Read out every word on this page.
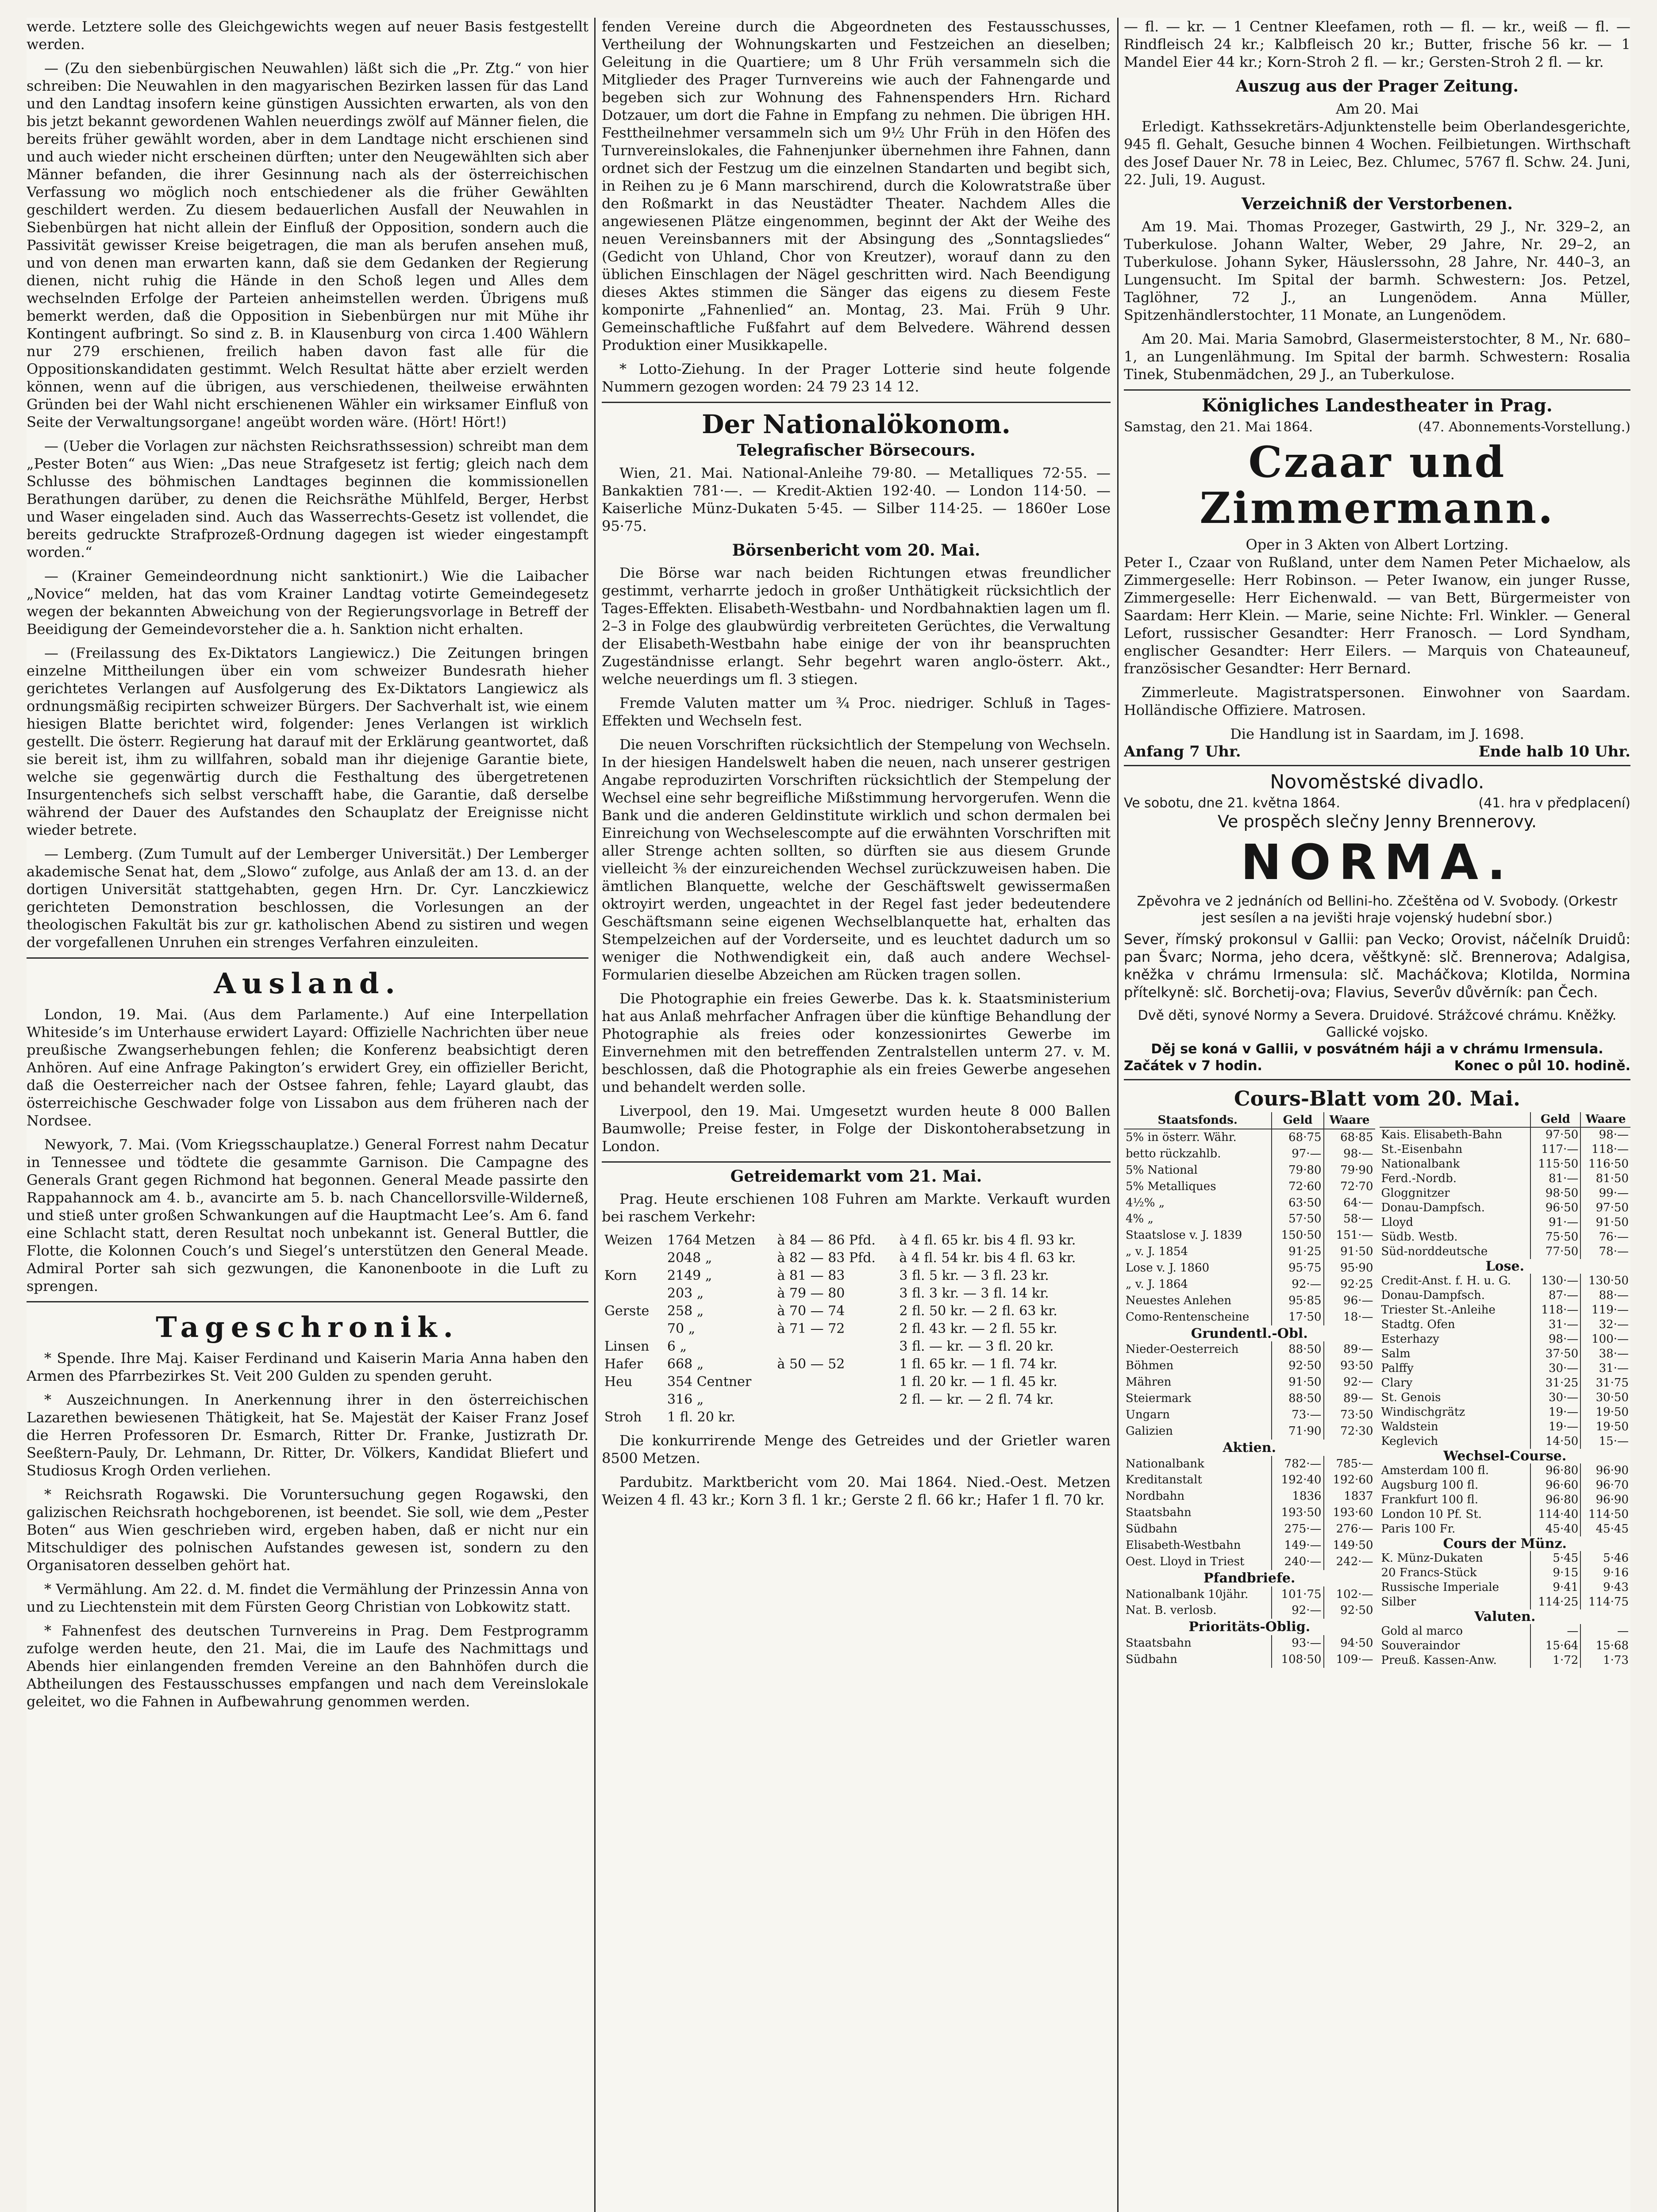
werde. Letztere solle des Gleichgewichts wegen auf neuer Basis festgestellt werden.

— (Zu den siebenbürgischen Neuwahlen) läßt sich die „Pr. Ztg.“ von hier schreiben: Die Neuwahlen in den magyarischen Bezirken lassen für das Land und den Landtag insofern keine günstigen Aussichten erwarten, als von den bis jetzt bekannt gewordenen Wahlen neuerdings zwölf auf Männer fielen, die bereits früher gewählt worden, aber in dem Landtage nicht erschienen sind und auch wieder nicht erscheinen dürften; unter den Neugewählten sich aber Männer befanden, die ihrer Gesinnung nach als der österreichischen Verfassung wo möglich noch entschiedener als die früher Gewählten geschildert werden. Zu diesem bedauerlichen Ausfall der Neuwahlen in Siebenbürgen hat nicht allein der Einfluß der Opposition, sondern auch die Passivität gewisser Kreise beigetragen, die man als berufen ansehen muß, und von denen man erwarten kann, daß sie dem Gedanken der Regierung dienen, nicht ruhig die Hände in den Schoß legen und Alles dem wechselnden Erfolge der Parteien anheimstellen werden. Übrigens muß bemerkt werden, daß die Opposition in Siebenbürgen nur mit Mühe ihr Kontingent aufbringt. So sind z. B. in Klausenburg von circa 1.400 Wählern nur 279 erschienen, freilich haben davon fast alle für die Oppositionskandidaten gestimmt. Welch Resultat hätte aber erzielt werden können, wenn auf die übrigen, aus verschiedenen, theilweise erwähnten Gründen bei der Wahl nicht erschienenen Wähler ein wirksamer Einfluß von Seite der Verwaltungsorgane! angeübt worden wäre. (Hört! Hört!)

— (Ueber die Vorlagen zur nächsten Reichsrathssession) schreibt man dem „Pester Boten“ aus Wien: „Das neue Strafgesetz ist fertig; gleich nach dem Schlusse des böhmischen Landtages beginnen die kommissionellen Berathungen darüber, zu denen die Reichsräthe Mühlfeld, Berger, Herbst und Waser eingeladen sind. Auch das Wasserrechts-Gesetz ist vollendet, die bereits gedruckte Strafprozeß-Ordnung dagegen ist wieder eingestampft worden.“

— (Krainer Gemeindeordnung nicht sanktionirt.) Wie die Laibacher „Novice“ melden, hat das vom Krainer Landtag votirte Gemeindegesetz wegen der bekannten Abweichung von der Regierungsvorlage in Betreff der Beeidigung der Gemeindevorsteher die a. h. Sanktion nicht erhalten.

— (Freilassung des Ex-Diktators Langiewicz.) Die Zeitungen bringen einzelne Mittheilungen über ein vom schweizer Bundesrath hieher gerichtetes Verlangen auf Ausfolgerung des Ex-Diktators Langiewicz als ordnungsmäßig recipirten schweizer Bürgers. Der Sachverhalt ist, wie einem hiesigen Blatte berichtet wird, folgender: Jenes Verlangen ist wirklich gestellt. Die österr. Regierung hat darauf mit der Erklärung geantwortet, daß sie bereit ist, ihm zu willfahren, sobald man ihr diejenige Garantie biete, welche sie gegenwärtig durch die Festhaltung des übergetretenen Insurgentenchefs sich selbst verschafft habe, die Garantie, daß derselbe während der Dauer des Aufstandes den Schauplatz der Ereignisse nicht wieder betrete.

— Lemberg. (Zum Tumult auf der Lemberger Universität.) Der Lemberger akademische Senat hat, dem „Slowo“ zufolge, aus Anlaß der am 13. d. an der dortigen Universität stattgehabten, gegen Hrn. Dr. Cyr. Lanczkiewicz gerichteten Demonstration beschlossen, die Vorlesungen an der theologischen Fakultät bis zur gr. katholischen Abend zu sistiren und wegen der vorgefallenen Unruhen ein strenges Verfahren einzuleiten.

Ausland.

London, 19. Mai. (Aus dem Parlamente.) Auf eine Interpellation Whiteside’s im Unterhause erwidert Layard: Offizielle Nachrichten über neue preußische Zwangserhebungen fehlen; die Konferenz beabsichtigt deren Anhören. Auf eine Anfrage Pakington’s erwidert Grey, ein offizieller Bericht, daß die Oesterreicher nach der Ostsee fahren, fehle; Layard glaubt, das österreichische Geschwader folge von Lissabon aus dem früheren nach der Nordsee.

Newyork, 7. Mai. (Vom Kriegsschauplatze.) General Forrest nahm Decatur in Tennessee und tödtete die gesammte Garnison. Die Campagne des Generals Grant gegen Richmond hat begonnen. General Meade passirte den Rappahannock am 4. b., avancirte am 5. b. nach Chancellorsville-Wilderneß, und stieß unter großen Schwankungen auf die Hauptmacht Lee’s. Am 6. fand eine Schlacht statt, deren Resultat noch unbekannt ist. General Buttler, die Flotte, die Kolonnen Couch’s und Siegel’s unterstützen den General Meade. Admiral Porter sah sich gezwungen, die Kanonenboote in die Luft zu sprengen.

Tageschronik.

* Spende. Ihre Maj. Kaiser Ferdinand und Kaiserin Maria Anna haben den Armen des Pfarrbezirkes St. Veit 200 Gulden zu spenden geruht.

* Auszeichnungen. In Anerkennung ihrer in den österreichischen Lazarethen bewiesenen Thätigkeit, hat Se. Majestät der Kaiser Franz Josef die Herren Professoren Dr. Esmarch, Ritter Dr. Franke, Justizrath Dr. Seeßtern-Pauly, Dr. Lehmann, Dr. Ritter, Dr. Völkers, Kandidat Bliefert und Studiosus Krogh Orden verliehen.

* Reichsrath Rogawski. Die Voruntersuchung gegen Rogawski, den galizischen Reichsrath hochgeborenen, ist beendet. Sie soll, wie dem „Pester Boten“ aus Wien geschrieben wird, ergeben haben, daß er nicht nur ein Mitschuldiger des polnischen Aufstandes gewesen ist, sondern zu den Organisatoren desselben gehört hat.

* Vermählung. Am 22. d. M. findet die Vermählung der Prinzessin Anna von und zu Liechtenstein mit dem Fürsten Georg Christian von Lobkowitz statt.

* Fahnenfest des deutschen Turnvereins in Prag. Dem Festprogramm zufolge werden heute, den 21. Mai, die im Laufe des Nachmittags und Abends hier einlangenden fremden Vereine an den Bahnhöfen durch die Abtheilungen des Festausschusses empfangen und nach dem Vereinslokale geleitet, wo die Fahnen in Aufbewahrung genommen werden.

fenden Vereine durch die Abgeordneten des Festausschusses, Vertheilung der Wohnungskarten und Festzeichen an dieselben; Geleitung in die Quartiere; um 8 Uhr Früh versammeln sich die Mitglieder des Prager Turnvereins wie auch der Fahnengarde und begeben sich zur Wohnung des Fahnenspenders Hrn. Richard Dotzauer, um dort die Fahne in Empfang zu nehmen. Die übrigen HH. Festtheilnehmer versammeln sich um 9½ Uhr Früh in den Höfen des Turnvereinslokales, die Fahnenjunker übernehmen ihre Fahnen, dann ordnet sich der Festzug um die einzelnen Standarten und begibt sich, in Reihen zu je 6 Mann marschirend, durch die Kolowratstraße über den Roßmarkt in das Neustädter Theater. Nachdem Alles die angewiesenen Plätze eingenommen, beginnt der Akt der Weihe des neuen Vereinsbanners mit der Absingung des „Sonntagsliedes“ (Gedicht von Uhland, Chor von Kreutzer), worauf dann zu den üblichen Einschlagen der Nägel geschritten wird. Nach Beendigung dieses Aktes stimmen die Sänger das eigens zu diesem Feste komponirte „Fahnenlied“ an. Montag, 23. Mai. Früh 9 Uhr. Gemeinschaftliche Fußfahrt auf dem Belvedere. Während dessen Produktion einer Musikkapelle.

* Lotto-Ziehung. In der Prager Lotterie sind heute folgende Nummern gezogen worden: 24 79 23 14 12.

Der Nationalökonom.
Telegrafischer Börsecours.

Wien, 21. Mai. National-Anleihe 79·80. — Metalliques 72·55. — Bankaktien 781·—. — Kredit-Aktien 192·40. — London 114·50. — Kaiserliche Münz-Dukaten 5·45. — Silber 114·25. — 1860er Lose 95·75.

Börsenbericht vom 20. Mai.

Die Börse war nach beiden Richtungen etwas freundlicher gestimmt, verharrte jedoch in großer Unthätigkeit rücksichtlich der Tages-Effekten. Elisabeth-Westbahn- und Nordbahnaktien lagen um fl. 2–3 in Folge des glaubwürdig verbreiteten Gerüchtes, die Verwaltung der Elisabeth-Westbahn habe einige der von ihr beanspruchten Zugeständnisse erlangt. Sehr begehrt waren anglo-österr. Akt., welche neuerdings um fl. 3 stiegen.

Fremde Valuten matter um ¾ Proc. niedriger. Schluß in Tages-Effekten und Wechseln fest.

Die neuen Vorschriften rücksichtlich der Stempelung von Wechseln. In der hiesigen Handelswelt haben die neuen, nach unserer gestrigen Angabe reproduzirten Vorschriften rücksichtlich der Stempelung der Wechsel eine sehr begreifliche Mißstimmung hervorgerufen. Wenn die Bank und die anderen Geldinstitute wirklich und schon dermalen bei Einreichung von Wechselescompte auf die erwähnten Vorschriften mit aller Strenge achten sollten, so dürften sie aus diesem Grunde vielleicht ⅜ der einzureichenden Wechsel zurückzuweisen haben. Die ämtlichen Blanquette, welche der Geschäftswelt gewissermaßen oktroyirt werden, ungeachtet in der Regel fast jeder bedeutendere Geschäftsmann seine eigenen Wechselblanquette hat, erhalten das Stempelzeichen auf der Vorderseite, und es leuchtet dadurch um so weniger die Nothwendigkeit ein, daß auch andere Wechsel-Formularien dieselbe Abzeichen am Rücken tragen sollen.

Die Photographie ein freies Gewerbe. Das k. k. Staatsministerium hat aus Anlaß mehrfacher Anfragen über die künftige Behandlung der Photographie als freies oder konzessionirtes Gewerbe im Einvernehmen mit den betreffenden Zentralstellen unterm 27. v. M. beschlossen, daß die Photographie als ein freies Gewerbe angesehen und behandelt werden solle.

Liverpool, den 19. Mai. Umgesetzt wurden heute 8 000 Ballen Baumwolle; Preise fester, in Folge der Diskontoherabsetzung in London.

Getreidemarkt vom 21. Mai.

Prag. Heute erschienen 108 Fuhren am Markte. Verkauft wurden bei raschem Verkehr:

Weizen	1764 Metzen	à 84 — 86 Pfd.	à 4 fl. 65 kr. bis 4 fl. 93 kr.
	2048 „	à 82 — 83 Pfd.	à 4 fl. 54 kr. bis 4 fl. 63 kr.
Korn	2149 „	à 81 — 83	3 fl. 5 kr. — 3 fl. 23 kr.
	203 „	à 79 — 80	3 fl. 3 kr. — 3 fl. 14 kr.
Gerste	258 „	à 70 — 74	2 fl. 50 kr. — 2 fl. 63 kr.
	70 „	à 71 — 72	2 fl. 43 kr. — 2 fl. 55 kr.
Linsen	6 „		3 fl. — kr. — 3 fl. 20 kr.
Hafer	668 „	à 50 — 52	1 fl. 65 kr. — 1 fl. 74 kr.
Heu	354 Centner		1 fl. 20 kr. — 1 fl. 45 kr.
	316 „		2 fl. — kr. — 2 fl. 74 kr.
Stroh	1 fl. 20 kr.		

Die konkurrirende Menge des Getreides und der Grietler waren 8500 Metzen.

Pardubitz. Marktbericht vom 20. Mai 1864. Nied.-Oest. Metzen Weizen 4 fl. 43 kr.; Korn 3 fl. 1 kr.; Gerste 2 fl. 66 kr.; Hafer 1 fl. 70 kr.

— fl. — kr. — 1 Centner Kleefamen, roth — fl. — kr., weiß — fl. — Rindfleisch 24 kr.; Kalbfleisch 20 kr.; Butter, frische 56 kr. — 1 Mandel Eier 44 kr.; Korn-Stroh 2 fl. — kr.; Gersten-Stroh 2 fl. — kr.

Auszug aus der Prager Zeitung.
Am 20. Mai

Erledigt. Kathssekretärs-Adjunktenstelle beim Oberlandesgerichte, 945 fl. Gehalt, Gesuche binnen 4 Wochen. Feilbietungen. Wirthschaft des Josef Dauer Nr. 78 in Leiec, Bez. Chlumec, 5767 fl. Schw. 24. Juni, 22. Juli, 19. August.

Verzeichniß der Verstorbenen.

Am 19. Mai. Thomas Prozeger, Gastwirth, 29 J., Nr. 329–2, an Tuberkulose. Johann Walter, Weber, 29 Jahre, Nr. 29–2, an Tuberkulose. Johann Syker, Häuslerssohn, 28 Jahre, Nr. 440–3, an Lungensucht. Im Spital der barmh. Schwestern: Jos. Petzel, Taglöhner, 72 J., an Lungenödem. Anna Müller, Spitzenhändlerstochter, 11 Monate, an Lungenödem.

Am 20. Mai. Maria Samobrd, Glasermeisterstochter, 8 M., Nr. 680–1, an Lungenlähmung. Im Spital der barmh. Schwestern: Rosalia Tinek, Stubenmädchen, 29 J., an Tuberkulose.

Königliches Landestheater in Prag.
Samstag, den 21. Mai 1864.	(47. Abonnements-Vorstellung.)
Czaar und Zimmermann.
Oper in 3 Akten von Albert Lortzing.

Peter I., Czaar von Rußland, unter dem Namen Peter Michaelow, als Zimmergeselle: Herr Robinson. — Peter Iwanow, ein junger Russe, Zimmergeselle: Herr Eichenwald. — van Bett, Bürgermeister von Saardam: Herr Klein. — Marie, seine Nichte: Frl. Winkler. — General Lefort, russischer Gesandter: Herr Franosch. — Lord Syndham, englischer Gesandter: Herr Eilers. — Marquis von Chateauneuf, französischer Gesandter: Herr Bernard.

Zimmerleute. Magistratspersonen. Einwohner von Saardam. Holländische Offiziere. Matrosen.

Die Handlung ist in Saardam, im J. 1698.
Anfang 7 Uhr.	Ende halb 10 Uhr.
Novoměstské divadlo.
Ve sobotu, dne 21. května 1864.	(41. hra v předplacení)
Ve prospěch slečny Jenny Brennerovy.
NORMA.
Zpěvohra ve 2 jednáních od Bellini-ho. Zčeštěna od V. Svobody. (Orkestr jest sesílen a na jevišti hraje vojenský hudební sbor.)

Sever, římský prokonsul v Gallii: pan Vecko; Orovist, náčelník Druidů: pan Švarc; Norma, jeho dcera, věštkyně: slč. Brennerova; Adalgisa, kněžka v chrámu Irmensula: slč. Macháčkova; Klotilda, Normina přítelkyně: slč. Borchetij-ova; Flavius, Severův důvěrník: pan Čech.

Dvě děti, synové Normy a Severa. Druidové. Strážcové chrámu. Kněžky. Gallické vojsko.
Děj se koná v Gallii, v posvátném háji a v chrámu Irmensula.
Začátek v 7 hodin.	Konec o půl 10. hodině.
Cours-Blatt vom 20. Mai.
Staatsfonds.	Geld	Waare
5% in österr. Währ.	68·75	68·85
betto rückzahlb.	97·—	98·—
5% National	79·80	79·90
5% Metalliques	72·60	72·70
4½% „	63·50	64·—
4% „	57·50	58·—
Staatslose v. J. 1839	150·50	151·—
„ v. J. 1854	91·25	91·50
Lose v. J. 1860	95·75	95·90
„ v. J. 1864	92·—	92·25
Neuestes Anlehen	95·85	96·—
Como-Rentenscheine	17·50	18·—
Grundentl.-Obl.		
Nieder-Oesterreich	88·50	89·—
Böhmen	92·50	93·50
Mähren	91·50	92·—
Steiermark	88·50	89·—
Ungarn	73·—	73·50
Galizien	71·90	72·30
Aktien.		
Nationalbank	782·—	785·—
Kreditanstalt	192·40	192·60
Nordbahn	1836	1837
Staatsbahn	193·50	193·60
Südbahn	275·—	276·—
Elisabeth-Westbahn	149·—	149·50
Oest. Lloyd in Triest	240·—	242·—
Pfandbriefe.		
Nationalbank 10jähr.	101·75	102·—
Nat. B. verlosb.	92·—	92·50
Prioritäts-Oblig.		
Staatsbahn	93·—	94·50
Südbahn	108·50	109·—
	Geld	Waare
Kais. Elisabeth-Bahn	97·50	98·—
St.-Eisenbahn	117·—	118·—
Nationalbank	115·50	116·50
Ferd.-Nordb.	81·—	81·50
Gloggnitzer	98·50	99·—
Donau-Dampfsch.	96·50	97·50
Lloyd	91·—	91·50
Südb. Westb.	75·50	76·—
Süd-norddeutsche	77·50	78·—
Lose.		
Credit-Anst. f. H. u. G.	130·—	130·50
Donau-Dampfsch.	87·—	88·—
Triester St.-Anleihe	118·—	119·—
Stadtg. Ofen	31·—	32·—
Esterhazy	98·—	100·—
Salm	37·50	38·—
Palffy	30·—	31·—
Clary	31·25	31·75
St. Genois	30·—	30·50
Windischgrätz	19·—	19·50
Waldstein	19·—	19·50
Keglevich	14·50	15·—
Wechsel-Course.		
Amsterdam 100 fl.	96·80	96·90
Augsburg 100 fl.	96·60	96·70
Frankfurt 100 fl.	96·80	96·90
London 10 Pf. St.	114·40	114·50
Paris 100 Fr.	45·40	45·45
Cours der Münz.		
K. Münz-Dukaten	5·45	5·46
20 Francs-Stück	9·15	9·16
Russische Imperiale	9·41	9·43
Silber	114·25	114·75
Valuten.		
Gold al marco	—	—
Souveraindor	15·64	15·68
Preuß. Kassen-Anw.	1·72	1·73
